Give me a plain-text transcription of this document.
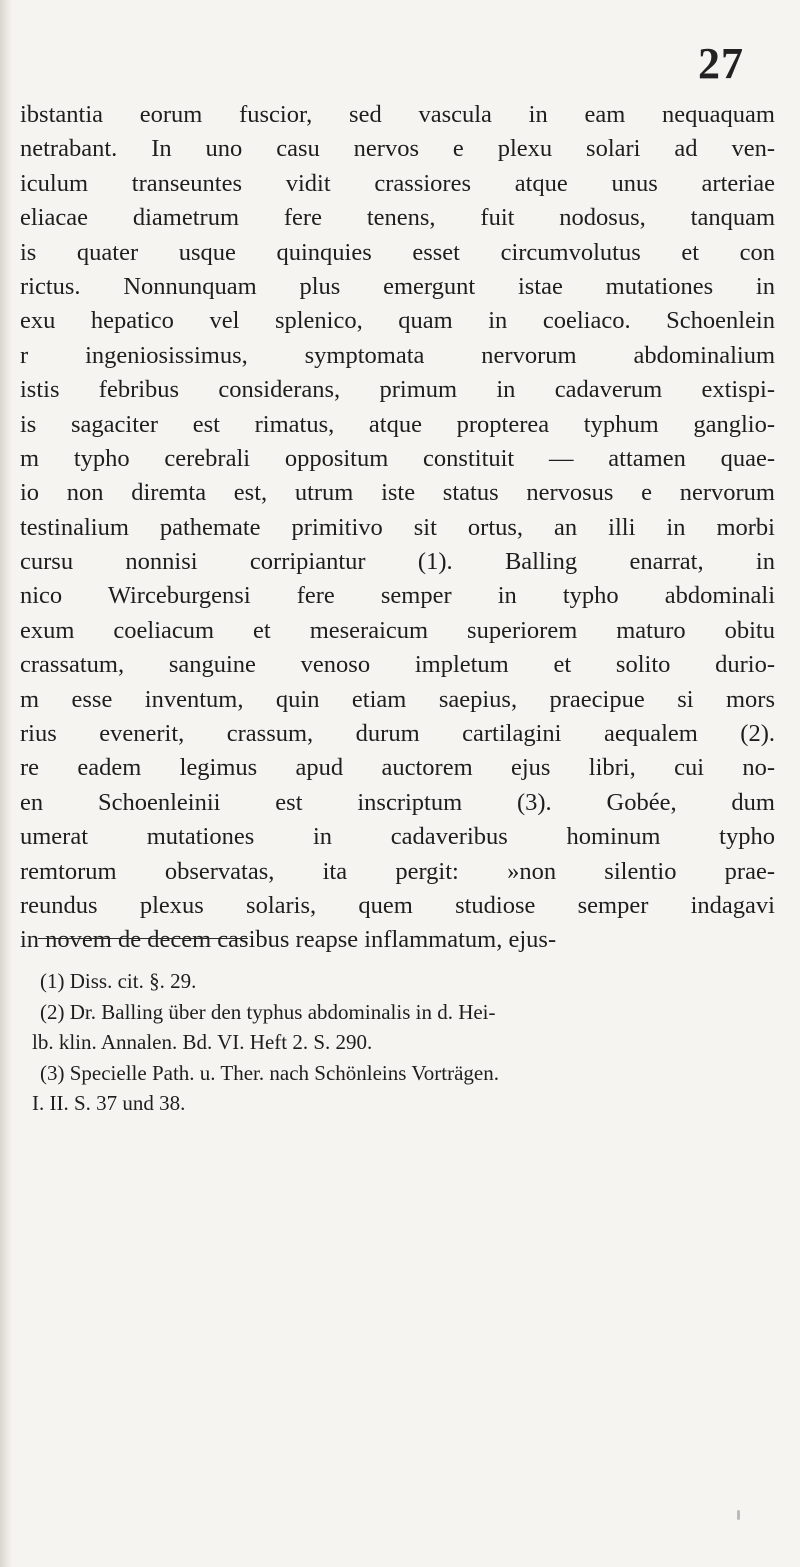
27
ibstantia eorum fuscior, sed vascula in eam nequaquam
netrabant. In uno casu nervos e plexu solari ad ven-
iculum transeuntes vidit crassiores atque unus arteriae
eliacae diametrum fere tenens, fuit nodosus, tanquam
is quater usque quinquies esset circumvolutus et con
rictus. Nonnunquam plus emergunt istae mutationes in
exu hepatico vel splenico, quam in coeliaco. Schoenlein
r ingeniosissimus, symptomata nervorum abdominalium
istis febribus considerans, primum in cadaverum extispi-
is sagaciter est rimatus, atque propterea typhum ganglio-
m typho cerebrali oppositum constituit — attamen quae-
io non diremta est, utrum iste status nervosus e nervorum
testinalium pathemate primitivo sit ortus, an illi in morbi
cursu nonnisi corripiantur (1). Balling enarrat, in
nico Wirceburgensi fere semper in typho abdominali
exum coeliacum et meseraicum superiorem maturo obitu
crassatum, sanguine venoso impletum et solito durio-
m esse inventum, quin etiam saepius, praecipue si mors
rius evenerit, crassum, durum cartilagini aequalem (2).
re eadem legimus apud auctorem ejus libri, cui no-
en Schoenleinii est inscriptum (3). Gobée, dum
umerat mutationes in cadaveribus hominum typho
remtorum observatas, ita pergit: »non silentio prae-
reundus plexus solaris, quem studiose semper indagavi
in novem de decem casibus reapse inflammatum, ejus-
(1) Diss. cit. §. 29.
(2) Dr. Balling über den typhus abdominalis in d. Hei-
lb. klin. Annalen. Bd. VI. Heft 2. S. 290.
(3) Specielle Path. u. Ther. nach Schönleins Vorträgen.
I. II. S. 37 und 38.
